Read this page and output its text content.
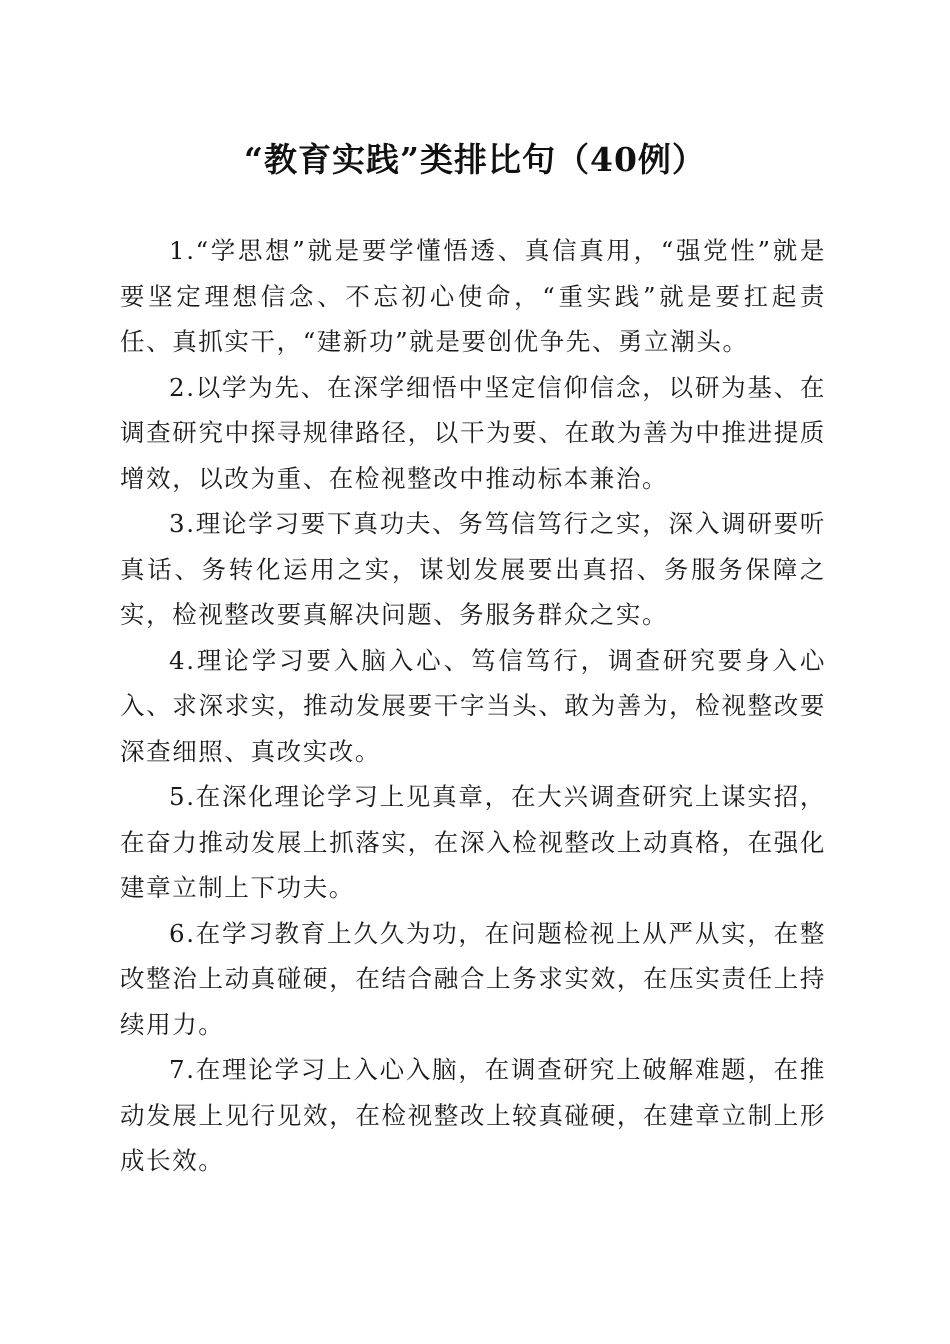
“教育实践”类排比句（40例）

1.“学思想”就是要学懂悟透、真信真用，“强党性”就是要坚定理想信念、不忘初心使命，“重实践”就是要扛起责任、真抓实干，“建新功”就是要创优争先、勇立潮头。

2.以学为先、在深学细悟中坚定信仰信念，以研为基、在调查研究中探寻规律路径，以干为要、在敢为善为中推进提质增效，以改为重、在检视整改中推动标本兼治。

3.理论学习要下真功夫、务笃信笃行之实，深入调研要听真话、务转化运用之实，谋划发展要出真招、务服务保障之实，检视整改要真解决问题、务服务群众之实。

4.理论学习要入脑入心、笃信笃行，调查研究要身入心入、求深求实，推动发展要干字当头、敢为善为，检视整改要深查细照、真改实改。

5.在深化理论学习上见真章，在大兴调查研究上谋实招，在奋力推动发展上抓落实，在深入检视整改上动真格，在强化建章立制上下功夫。

6.在学习教育上久久为功，在问题检视上从严从实，在整改整治上动真碰硬，在结合融合上务求实效，在压实责任上持续用力。

7.在理论学习上入心入脑，在调查研究上破解难题，在推动发展上见行见效，在检视整改上较真碰硬，在建章立制上形成长效。
